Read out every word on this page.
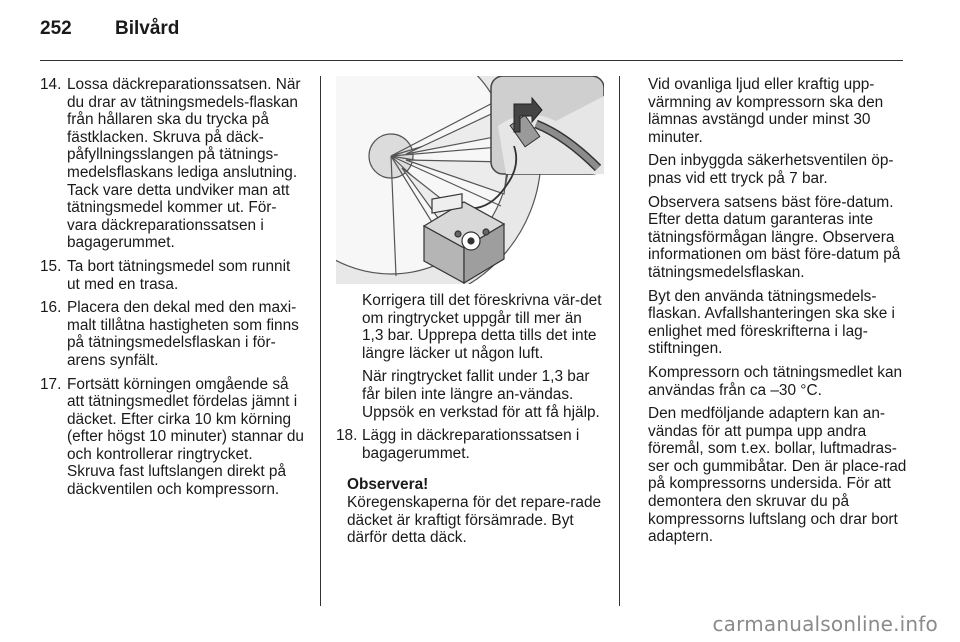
252	Bilvård
14. Lossa däckreparationssatsen. När du drar av tätningsmedels-flaskan från hållaren ska du trycka på fästklacken. Skruva på däck-påfyllningsslangen på tätnings-medelsflaskans lediga anslutning. Tack vare detta undviker man att tätningsmedel kommer ut. För-vara däckreparationssatsen i bagagerummet.
15. Ta bort tätningsmedel som runnit ut med en trasa.
16. Placera den dekal med den maxi-malt tillåtna hastigheten som finns på tätningsmedelsflaskan i för-arens synfält.
17. Fortsätt körningen omgående så att tätningsmedlet fördelas jämnt i däcket. Efter cirka 10 km körning (efter högst 10 minuter) stannar du och kontrollerar ringtrycket. Skruva fast luftslangen direkt på däckventilen och kompressorn.

Korrigera till det föreskrivna vär-det om ringtrycket uppgår till mer än 1,3 bar. Upprepa detta tills det inte längre läcker ut någon luft.

När ringtrycket fallit under 1,3 bar får bilen inte längre an-vändas. Uppsök en verkstad för att få hjälp.

18. Lägg in däckreparationssatsen i bagagerummet.
Observera!

Köregenskaperna för det repare-rade däcket är kraftigt försämrade. Byt därför detta däck.

Vid ovanliga ljud eller kraftig upp-värmning av kompressorn ska den lämnas avstängd under minst 30 minuter.

Den inbyggda säkerhetsventilen öp-pnas vid ett tryck på 7 bar.

Observera satsens bäst före-datum. Efter detta datum garanteras inte tätningsförmågan längre. Observera informationen om bäst före-datum på tätningsmedelsflaskan.

Byt den använda tätningsmedels-flaskan. Avfallshanteringen ska ske i enlighet med föreskrifterna i lag-stiftningen.

Kompressorn och tätningsmedlet kan användas från ca –30 °C.

Den medföljande adaptern kan an-vändas för att pumpa upp andra föremål, som t.ex. bollar, luftmadras-ser och gummibåtar. Den är place-rad på kompressorns undersida. För att demontera den skruvar du på kompressorns luftslang och drar bort adaptern.

carmanualsonline.info
